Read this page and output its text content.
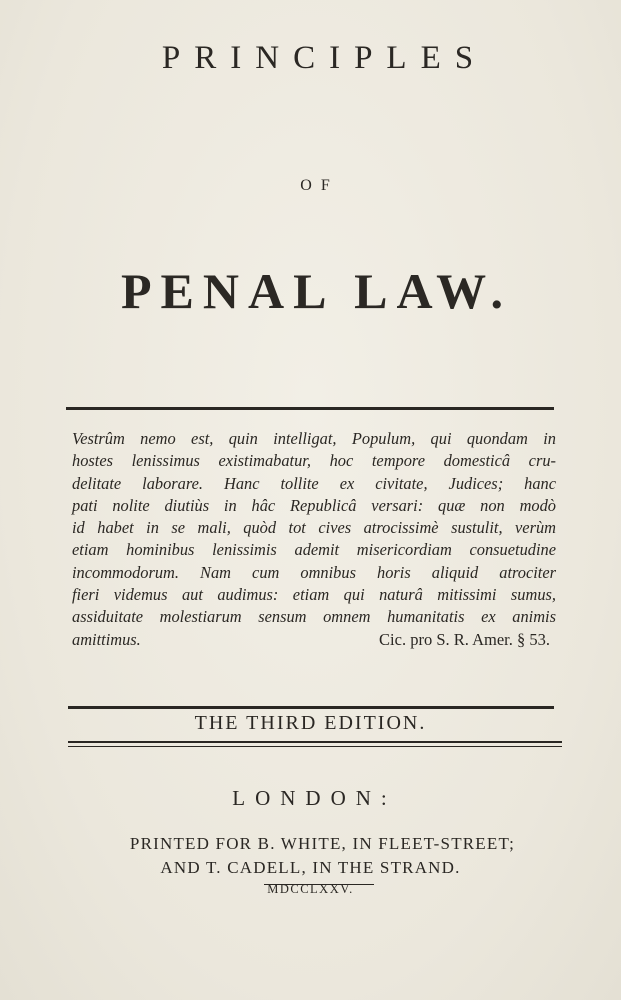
PRINCIPLES
OF
PENAL LAW.
Vestrûm nemo est, quin intelligat, Populum, qui quondam in
hostes lenissimus existimabatur, hoc tempore domesticâ cru-
delitate laborare. Hanc tollite ex civitate, Judices; hanc
pati nolite diutiùs in hâc Republicâ versari: quæ non modò
id habet in se mali, quòd tot cives atrocissimè sustulit, verùm
etiam hominibus lenissimis ademit misericordiam consuetudine
incommodorum. Nam cum omnibus horis aliquid atrociter
fieri videmus aut audimus: etiam qui naturâ mitissimi sumus,
assiduitate molestiarum sensum omnem humanitatis ex animis
amittimus.	Cic. pro S. R. Amer. § 53.
THE THIRD EDITION.
LONDON:
PRINTED FOR B. WHITE, IN FLEET-STREET;
AND T. CADELL, IN THE STRAND.
MDCCLXXV.
